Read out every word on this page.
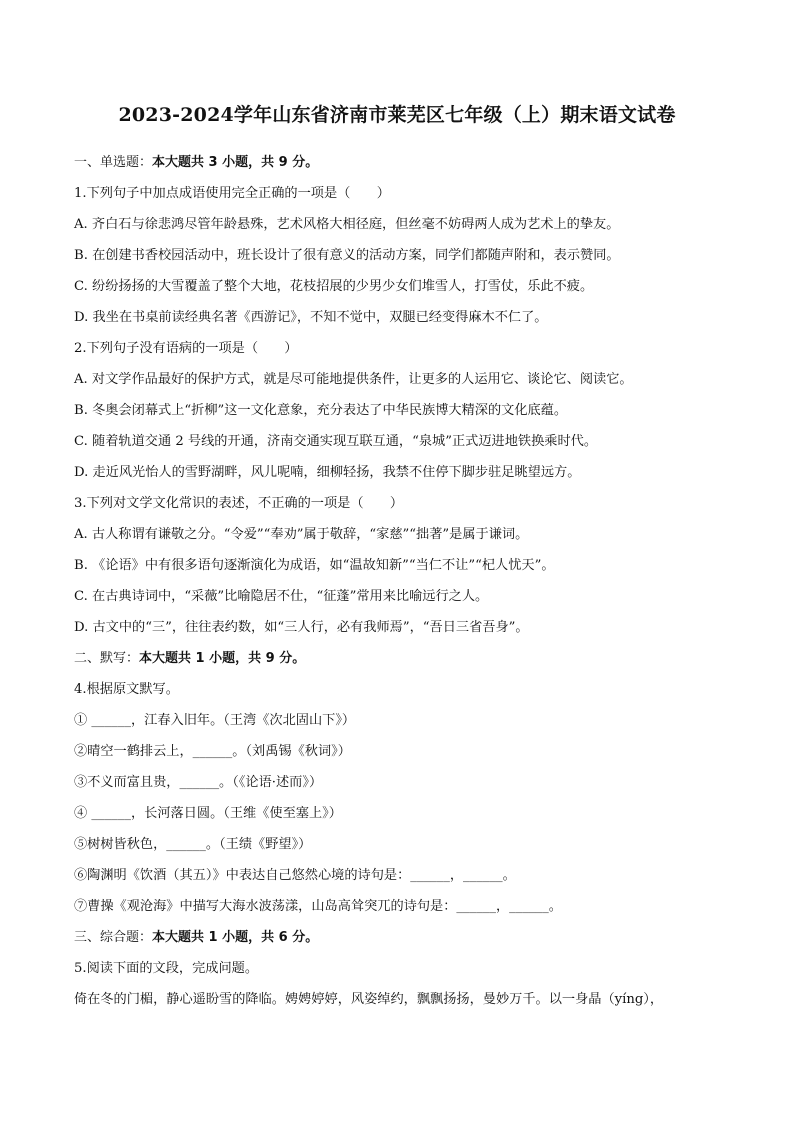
2023-2024学年山东省济南市莱芜区七年级（上）期末语文试卷
一、单选题：本大题共 3 小题，共 9 分。
1.下列句子中加点成语使用完全正确的一项是（　　）
A. 齐白石与徐悲鸿尽管年龄悬殊，艺术风格大相径庭，但丝毫不妨碍两人成为艺术上的挚友。
B. 在创建书香校园活动中，班长设计了很有意义的活动方案，同学们都随声附和，表示赞同。
C. 纷纷扬扬的大雪覆盖了整个大地，花枝招展的少男少女们堆雪人，打雪仗，乐此不疲。
D. 我坐在书桌前读经典名著《西游记》，不知不觉中，双腿已经变得麻木不仁了。
2.下列句子没有语病的一项是（　　）
A. 对文学作品最好的保护方式，就是尽可能地提供条件，让更多的人运用它、谈论它、阅读它。
B. 冬奥会闭幕式上“折柳”这一文化意象，充分表达了中华民族博大精深的文化底蕴。
C. 随着轨道交通 2 号线的开通，济南交通实现互联互通，“泉城”正式迈进地铁换乘时代。
D. 走近风光怡人的雪野湖畔，风儿呢喃，细柳轻扬，我禁不住停下脚步驻足眺望远方。
3.下列对文学文化常识的表述，不正确的一项是（　　）
A. 古人称谓有谦敬之分。“令爱”“奉劝”属于敬辞，“家慈”“拙著”是属于谦词。
B. 《论语》中有很多语句逐渐演化为成语，如“温故知新”“当仁不让”“杞人忧天”。
C. 在古典诗词中，“采薇”比喻隐居不仕，“征蓬”常用来比喻远行之人。
D. 古文中的“三”，往往表约数，如“三人行，必有我师焉”，“吾日三省吾身”。
二、默写：本大题共 1 小题，共 9 分。
4.根据原文默写。
① ______，江春入旧年。（王湾《次北固山下》）
②晴空一鹤排云上，______。（刘禹锡《秋词》）
③不义而富且贵，______。（《论语·述而》）
④ ______，长河落日圆。（王维《使至塞上》）
⑤树树皆秋色，______。（王绩《野望》）
⑥陶渊明《饮酒（其五）》中表达自己悠然心境的诗句是：______，______。
⑦曹操《观沧海》中描写大海水波荡漾，山岛高耸突兀的诗句是：______，______。
三、综合题：本大题共 1 小题，共 6 分。
5.阅读下面的文段，完成问题。
倚在冬的门楣，静心遥盼雪的降临。娉娉婷婷，风姿绰约，飘飘扬扬，曼妙万千。以一身晶（yíng），
